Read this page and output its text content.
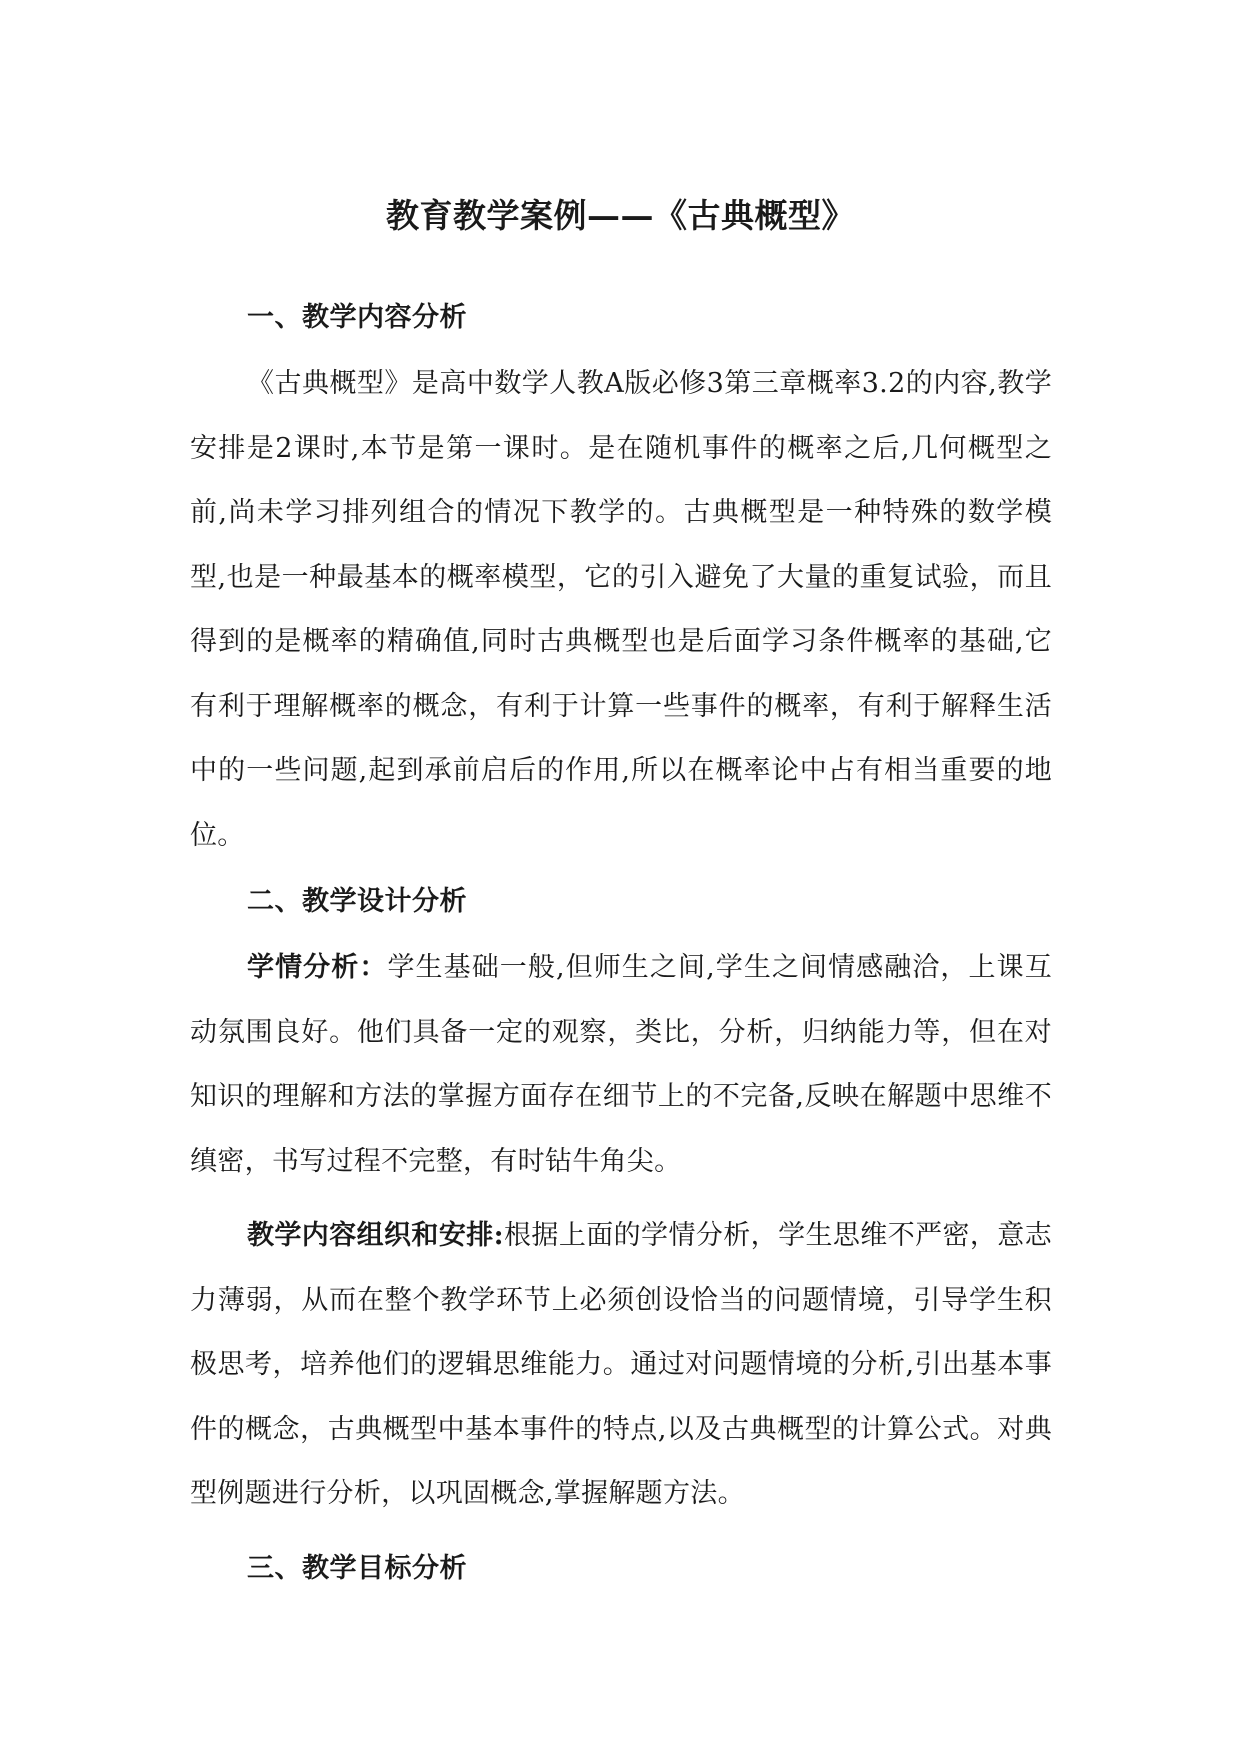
教育教学案例——《古典概型》
一、教学内容分析

《古典概型》是高中数学人教A版必修3第三章概率3.2的内容,教学安排是2课时,本节是第一课时。是在随机事件的概率之后,几何概型之前,尚未学习排列组合的情况下教学的。古典概型是一种特殊的数学模型,也是一种最基本的概率模型，它的引入避免了大量的重复试验，而且得到的是概率的精确值,同时古典概型也是后面学习条件概率的基础,它有利于理解概率的概念，有利于计算一些事件的概率，有利于解释生活中的一些问题,起到承前启后的作用,所以在概率论中占有相当重要的地位。

二、教学设计分析

学情分析：学生基础一般,但师生之间,学生之间情感融洽，上课互动氛围良好。他们具备一定的观察，类比，分析，归纳能力等，但在对知识的理解和方法的掌握方面存在细节上的不完备,反映在解题中思维不缜密，书写过程不完整，有时钻牛角尖。

教学内容组织和安排:根据上面的学情分析，学生思维不严密，意志力薄弱，从而在整个教学环节上必须创设恰当的问题情境，引导学生积极思考，培养他们的逻辑思维能力。通过对问题情境的分析,引出基本事件的概念，古典概型中基本事件的特点,以及古典概型的计算公式。对典型例题进行分析，以巩固概念,掌握解题方法。

三、教学目标分析
